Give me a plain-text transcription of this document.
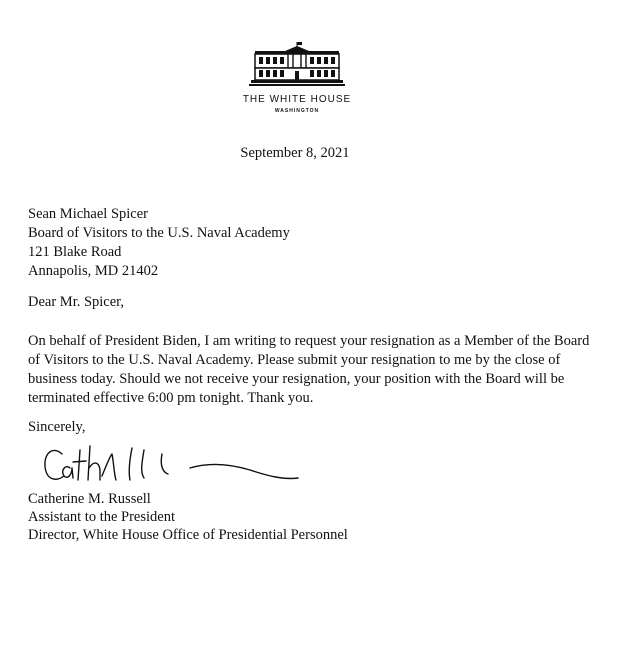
THE WHITE HOUSE
WASHINGTON
September 8, 2021
Sean Michael Spicer
Board of Visitors to the U.S. Naval Academy
121 Blake Road
Annapolis, MD 21402
Dear Mr. Spicer,
On behalf of President Biden, I am writing to request your resignation as a Member of the Board
of Visitors to the U.S. Naval Academy. Please submit your resignation to me by the close of
business today. Should we not receive your resignation, your position with the Board will be
terminated effective 6:00 pm tonight. Thank you.
Sincerely,
Catherine M. Russell
Assistant to the President
Director, White House Office of Presidential Personnel
